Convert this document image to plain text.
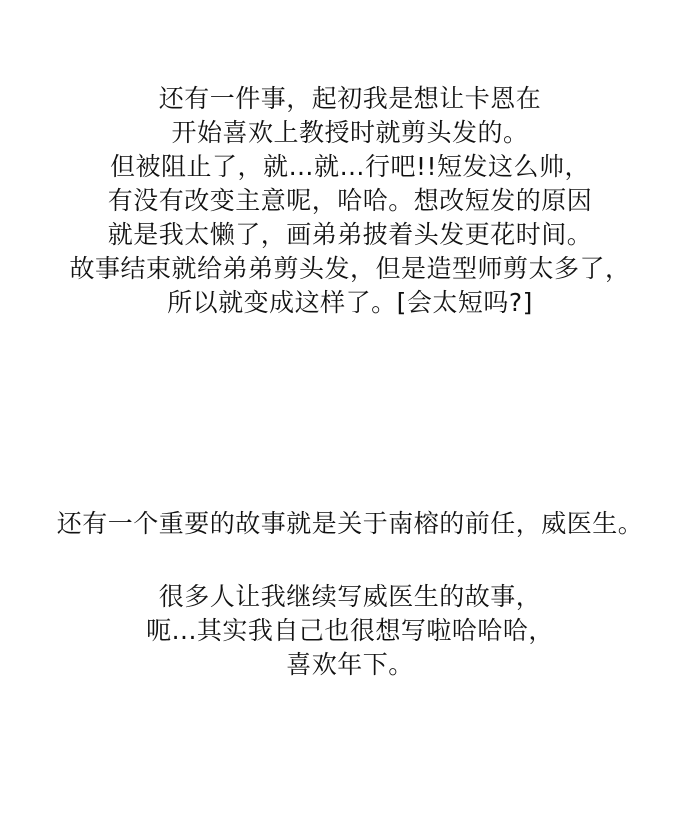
还有一件事，起初我是想让卡恩在
开始喜欢上教授时就剪头发的。
但被阻止了，就…就…行吧!!短发这么帅，
有没有改变主意呢，哈哈。想改短发的原因
就是我太懒了，画弟弟披着头发更花时间。
故事结束就给弟弟剪头发，但是造型师剪太多了，
所以就变成这样了。[会太短吗?]
还有一个重要的故事就是关于南榕的前任，威医生。
很多人让我继续写威医生的故事，
呃...其实我自己也很想写啦哈哈哈，
喜欢年下。
